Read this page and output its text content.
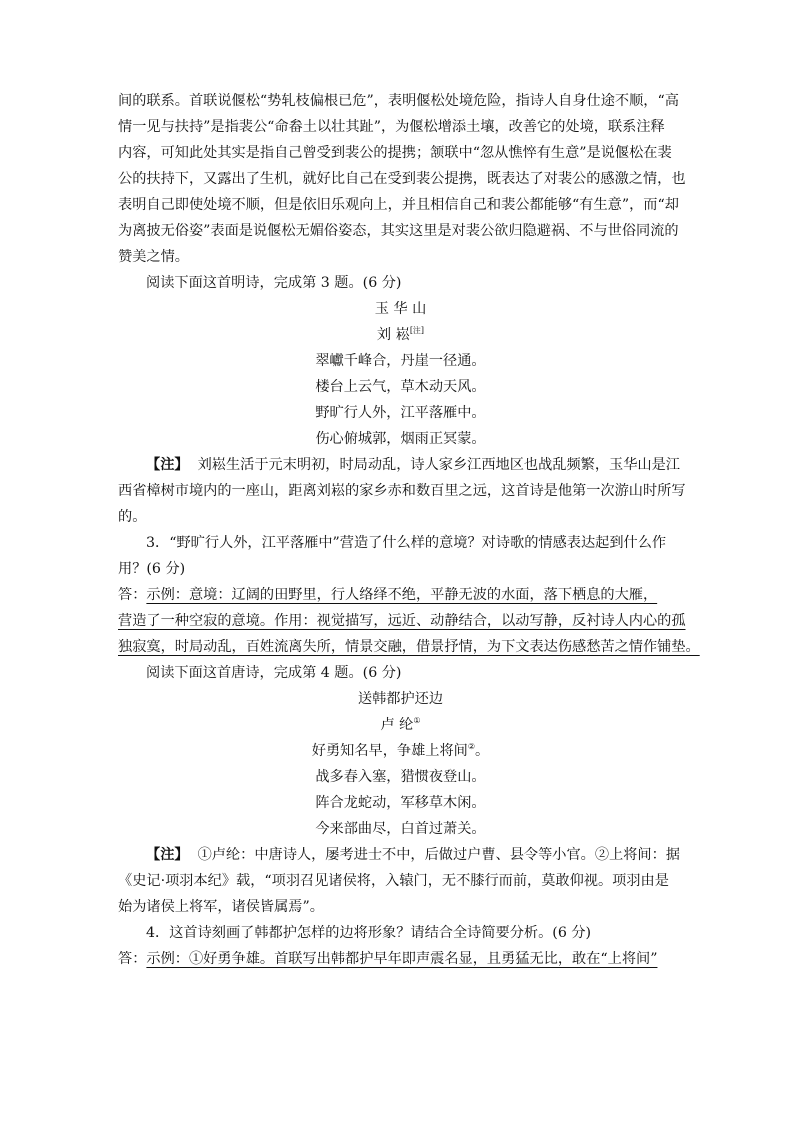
间的联系。首联说偃松“势轧枝偏根已危”，表明偃松处境危险，指诗人自身仕途不顺，“高
情一见与扶持”是指裴公“命畚土以壮其趾”，为偃松增添土壤，改善它的处境，联系注释
内容，可知此处其实是指自己曾受到裴公的提携；颔联中“忽从憔悴有生意”是说偃松在裴
公的扶持下，又露出了生机，就好比自己在受到裴公提携，既表达了对裴公的感激之情，也
表明自己即使处境不顺，但是依旧乐观向上，并且相信自己和裴公都能够“有生意”，而“却
为离披无俗姿”表面是说偃松无媚俗姿态，其实这里是对裴公欲归隐避祸、不与世俗同流的
赞美之情。
阅读下面这首明诗，完成第 3 题。(6 分)
玉 华 山
刘 崧[注]
翠巘千峰合，丹崖一径通。
楼台上云气，草木动天风。
野旷行人外，江平落雁中。
伤心俯城郭，烟雨正冥蒙。
【注】 刘崧生活于元末明初，时局动乱，诗人家乡江西地区也战乱频繁，玉华山是江
西省樟树市境内的一座山，距离刘崧的家乡赤和数百里之远，这首诗是他第一次游山时所写
的。
3．“野旷行人外，江平落雁中”营造了什么样的意境？对诗歌的情感表达起到什么作
用？(6 分)
答：示例：意境：辽阔的田野里，行人络绎不绝，平静无波的水面，落下栖息的大雁，
营造了一种空寂的意境。作用：视觉描写，远近、动静结合，以动写静，反衬诗人内心的孤
独寂寞，时局动乱，百姓流离失所，情景交融，借景抒情，为下文表达伤感愁苦之情作铺垫。
阅读下面这首唐诗，完成第 4 题。(6 分)
送韩都护还边
卢 纶①
好勇知名早，争雄上将间②。
战多春入塞，猎惯夜登山。
阵合龙蛇动，军移草木闲。
今来部曲尽，白首过萧关。
【注】 ①卢纶：中唐诗人，屡考进士不中，后做过户曹、县令等小官。②上将间：据
《史记·项羽本纪》载，“项羽召见诸侯将，入辕门，无不膝行而前，莫敢仰视。项羽由是
始为诸侯上将军，诸侯皆属焉”。
4．这首诗刻画了韩都护怎样的边将形象？请结合全诗简要分析。(6 分)
答：示例：①好勇争雄。首联写出韩都护早年即声震名显，且勇猛无比，敢在“上将间”
